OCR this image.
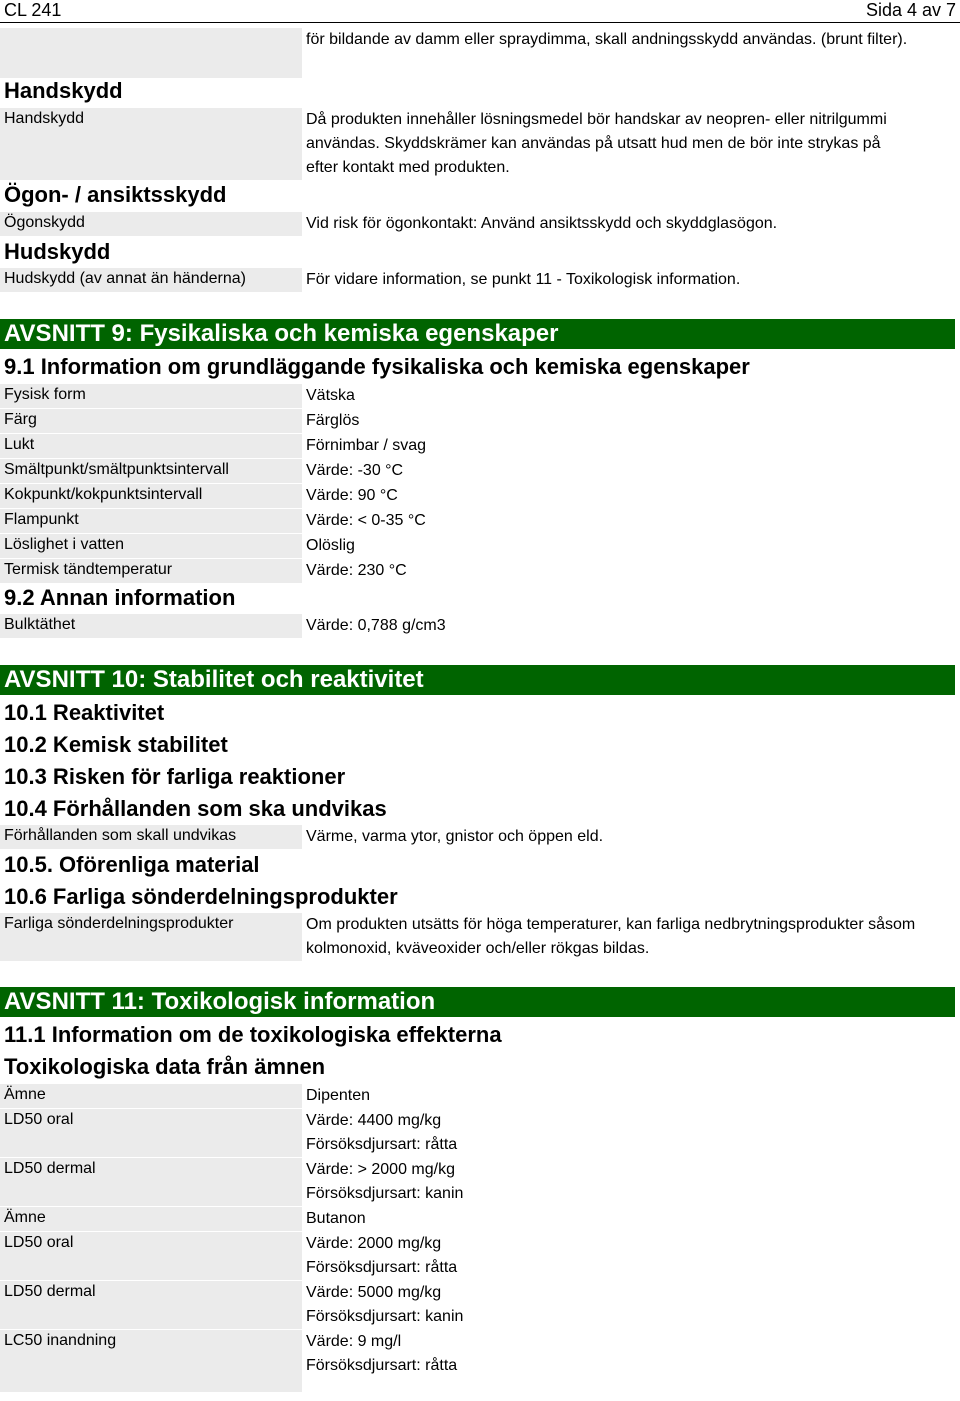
CL 241	Sida 4 av 7
för bildande av damm eller spraydimma, skall andningsskydd användas. (brunt filter).
Handskydd
Handskydd	Då produkten innehåller lösningsmedel bör handskar av neopren- eller nitrilgummi användas. Skyddskrämer kan användas på utsatt hud men de bör inte strykas på efter kontakt med produkten.
Ögon- / ansiktsskydd
Ögonskydd	Vid risk för ögonkontakt: Använd ansiktsskydd och skyddglasögon.
Hudskydd
Hudskydd (av annat än händerna)	För vidare information, se punkt 11 - Toxikologisk information.
AVSNITT 9: Fysikaliska och kemiska egenskaper
9.1 Information om grundläggande fysikaliska och kemiska egenskaper
Fysisk form	Vätska
Färg	Färglös
Lukt	Förnimbar / svag
Smältpunkt/smältpunktsintervall	Värde: -30 °C
Kokpunkt/kokpunktsintervall	Värde: 90 °C
Flampunkt	Värde: < 0-35 °C
Löslighet i vatten	Olöslig
Termisk tändtemperatur	Värde: 230 °C
9.2 Annan information
Bulktäthet	Värde: 0,788 g/cm3
AVSNITT 10: Stabilitet och reaktivitet
10.1 Reaktivitet
10.2 Kemisk stabilitet
10.3 Risken för farliga reaktioner
10.4 Förhållanden som ska undvikas
Förhållanden som skall undvikas	Värme, varma ytor, gnistor och öppen eld.
10.5. Oförenliga material
10.6 Farliga sönderdelningsprodukter
Farliga sönderdelningsprodukter	Om produkten utsätts för höga temperaturer, kan farliga nedbrytningsprodukter såsom kolmonoxid, kväveoxider och/eller rökgas bildas.
AVSNITT 11: Toxikologisk information
11.1 Information om de toxikologiska effekterna
Toxikologiska data från ämnen
Ämne	Dipenten
LD50 oral	Värde: 4400 mg/kg
Försöksdjursart: råtta
LD50 dermal	Värde: > 2000 mg/kg
Försöksdjursart: kanin
Ämne	Butanon
LD50 oral	Värde: 2000 mg/kg
Försöksdjursart: råtta
LD50 dermal	Värde: 5000 mg/kg
Försöksdjursart: kanin
LC50 inandning	Värde: 9 mg/l
Försöksdjursart: råtta
